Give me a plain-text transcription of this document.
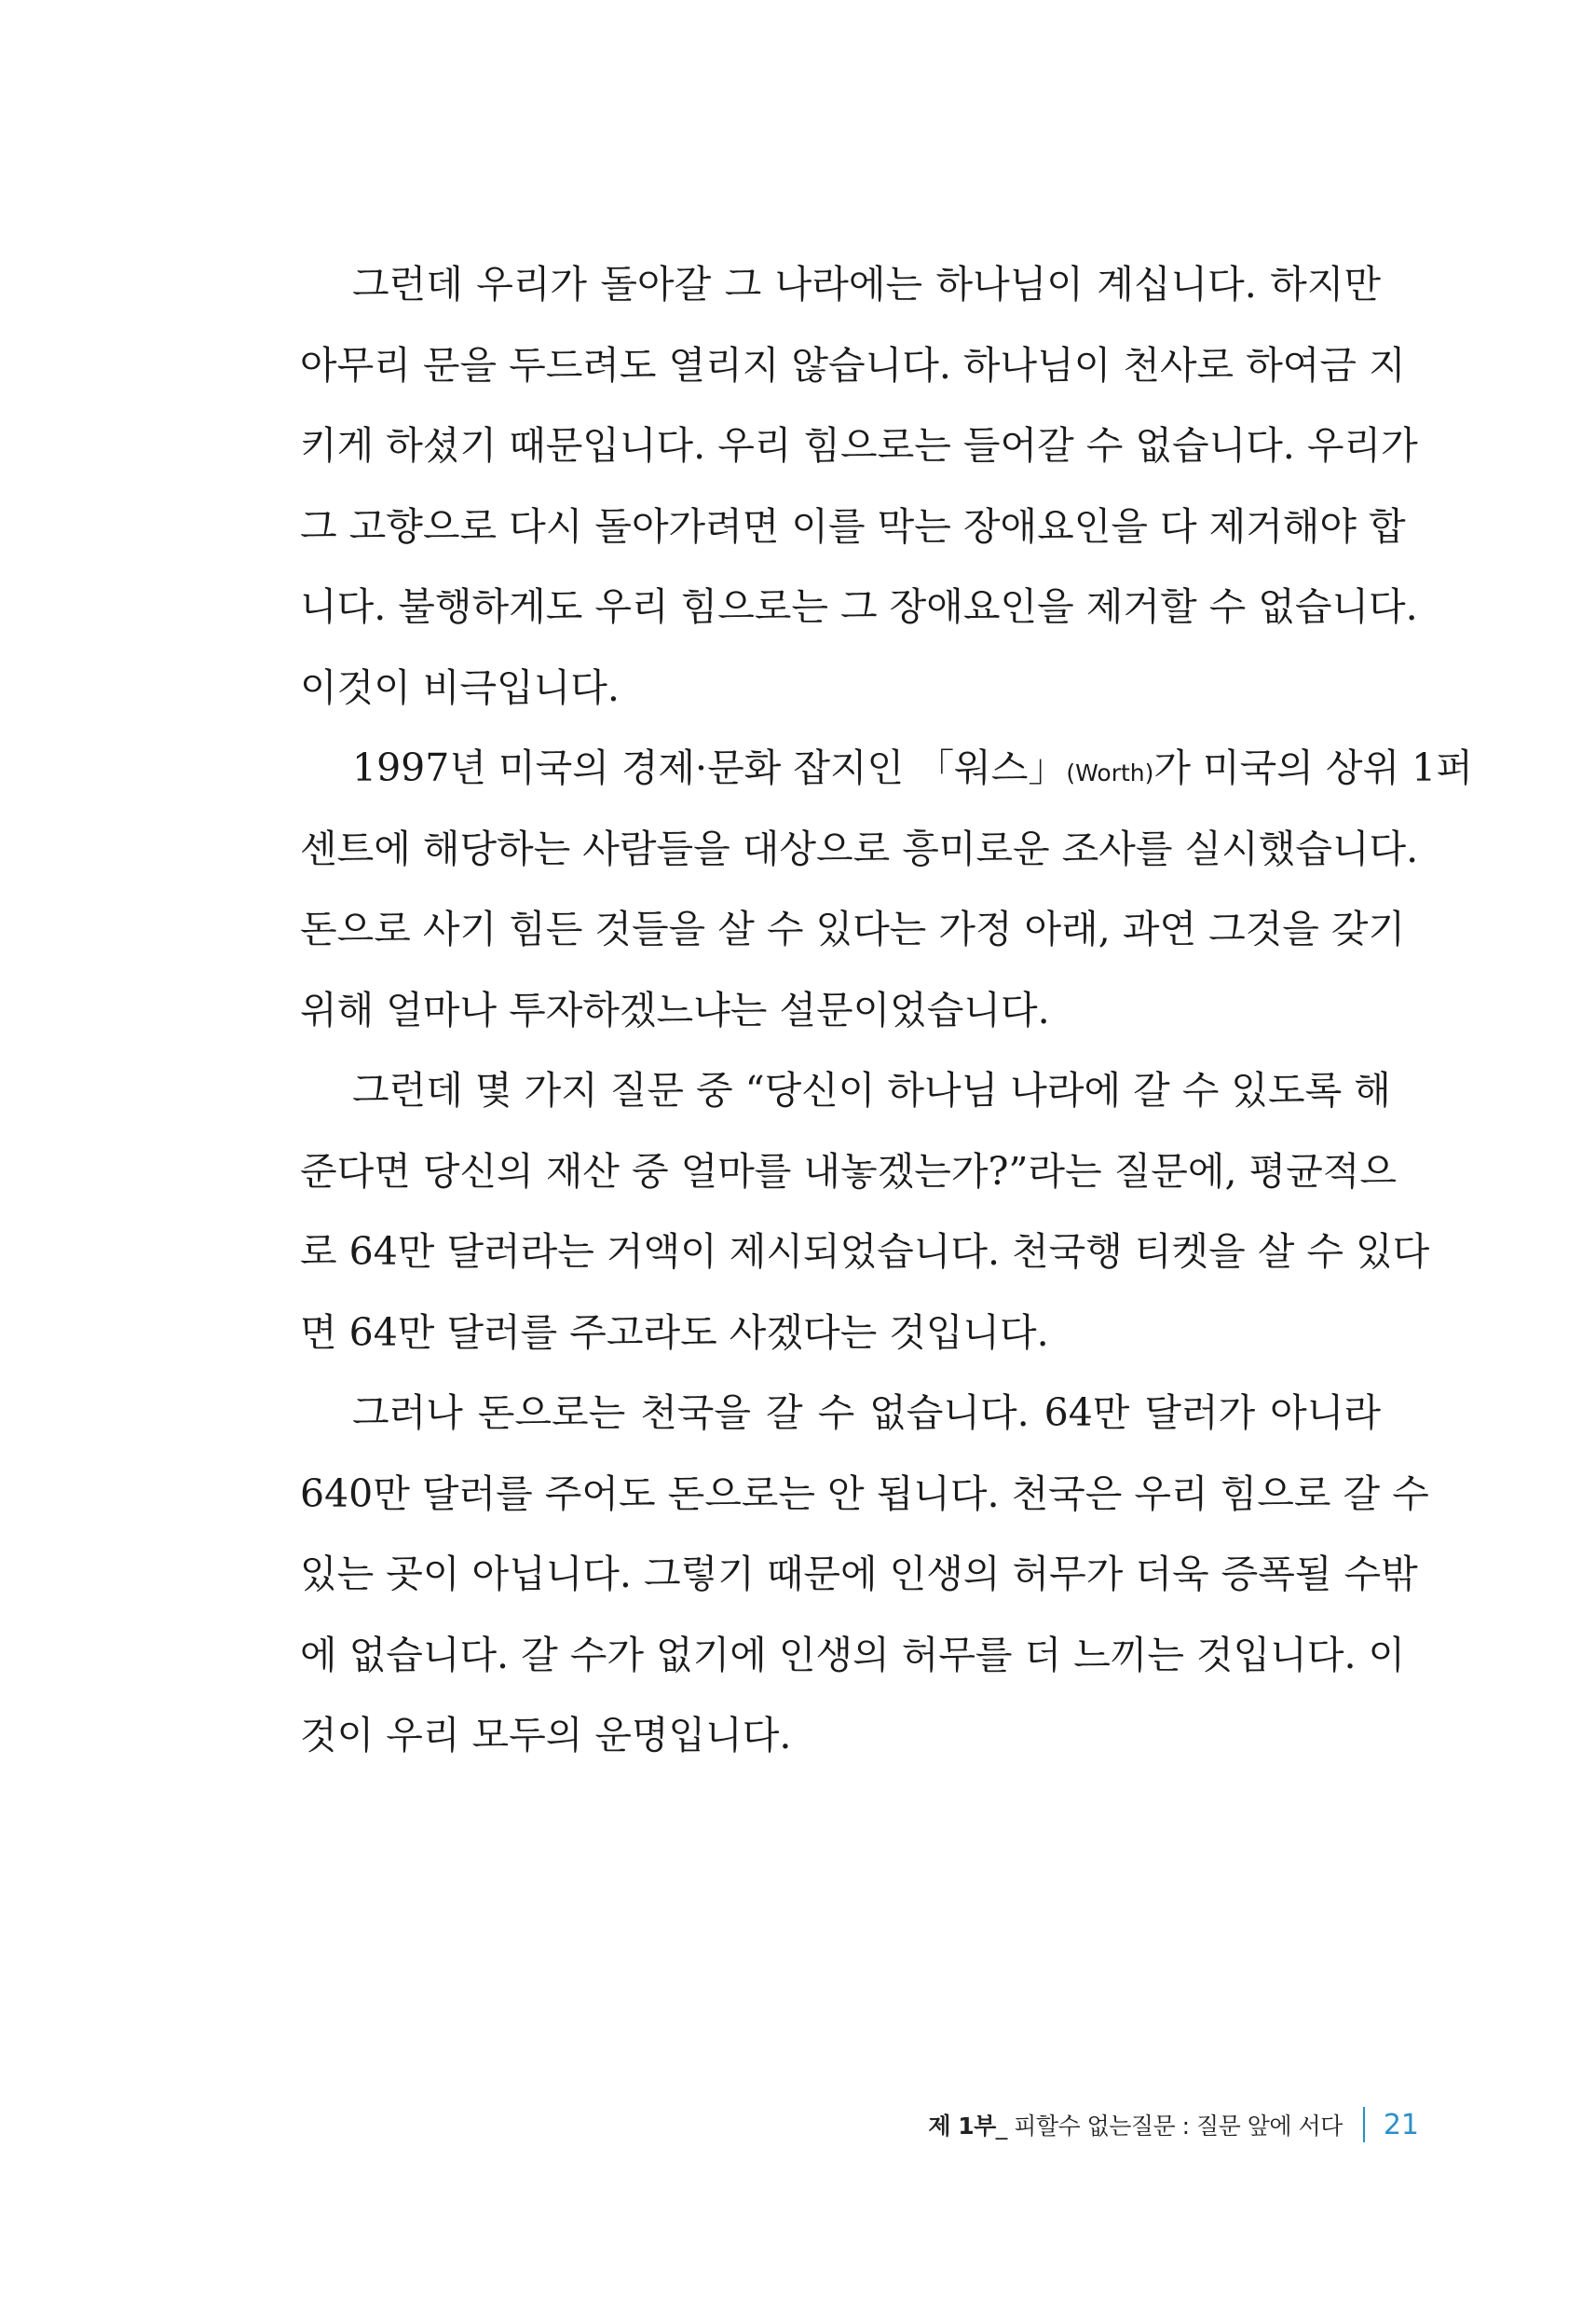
그런데 우리가 돌아갈 그 나라에는 하나님이 계십니다. 하지만
아무리 문을 두드려도 열리지 않습니다. 하나님이 천사로 하여금 지
키게 하셨기 때문입니다. 우리 힘으로는 들어갈 수 없습니다. 우리가
그 고향으로 다시 돌아가려면 이를 막는 장애요인을 다 제거해야 합
니다. 불행하게도 우리 힘으로는 그 장애요인을 제거할 수 없습니다.
이것이 비극입니다.
1997년 미국의 경제·문화 잡지인 「워스」(Worth)가 미국의 상위 1퍼
센트에 해당하는 사람들을 대상으로 흥미로운 조사를 실시했습니다.
돈으로 사기 힘든 것들을 살 수 있다는 가정 아래, 과연 그것을 갖기
위해 얼마나 투자하겠느냐는 설문이었습니다.
그런데 몇 가지 질문 중 “당신이 하나님 나라에 갈 수 있도록 해
준다면 당신의 재산 중 얼마를 내놓겠는가?”라는 질문에, 평균적으
로 64만 달러라는 거액이 제시되었습니다. 천국행 티켓을 살 수 있다
면 64만 달러를 주고라도 사겠다는 것입니다.
그러나 돈으로는 천국을 갈 수 없습니다. 64만 달러가 아니라
640만 달러를 주어도 돈으로는 안 됩니다. 천국은 우리 힘으로 갈 수
있는 곳이 아닙니다. 그렇기 때문에 인생의 허무가 더욱 증폭될 수밖
에 없습니다. 갈 수가 없기에 인생의 허무를 더 느끼는 것입니다. 이
것이 우리 모두의 운명입니다.
제 1부_ 피할수 없는질문 : 질문 앞에 서다 21
